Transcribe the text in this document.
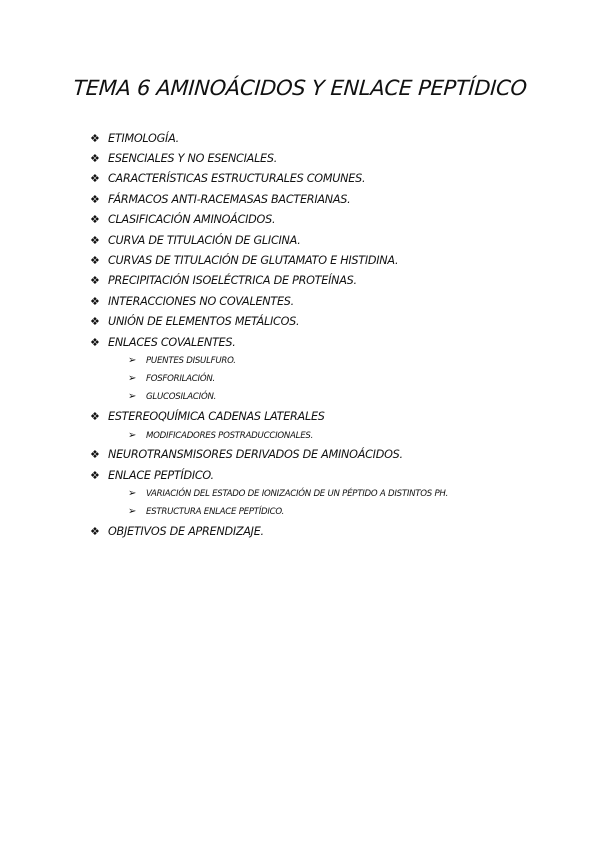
TEMA 6 AMINOÁCIDOS Y ENLACE PEPTÍDICO
❖ ETIMOLOGÍA.
❖ ESENCIALES Y NO ESENCIALES.
❖ CARACTERÍSTICAS ESTRUCTURALES COMUNES.
❖ FÁRMACOS ANTI-RACEMASAS BACTERIANAS.
❖ CLASIFICACIÓN AMINOÁCIDOS.
❖ CURVA DE TITULACIÓN DE GLICINA.
❖ CURVAS DE TITULACIÓN DE GLUTAMATO E HISTIDINA.
❖ PRECIPITACIÓN ISOELÉCTRICA DE PROTEÍNAS.
❖ INTERACCIONES NO COVALENTES.
❖ UNIÓN DE ELEMENTOS METÁLICOS.
❖ ENLACES COVALENTES.
➢	PUENTES DISULFURO.
➢	FOSFORILACIÓN.
➢	GLUCOSILACIÓN.
❖ ESTEREOQUÍMICA CADENAS LATERALES
➢	MODIFICADORES POSTRADUCCIONALES.
❖ NEUROTRANSMISORES DERIVADOS DE AMINOÁCIDOS.
❖ ENLACE PEPTÍDICO.
➢	VARIACIÓN DEL ESTADO DE IONIZACIÓN DE UN PÉPTIDO A DISTINTOS PH.
➢	ESTRUCTURA ENLACE PEPTÍDICO.
❖ OBJETIVOS DE APRENDIZAJE.
